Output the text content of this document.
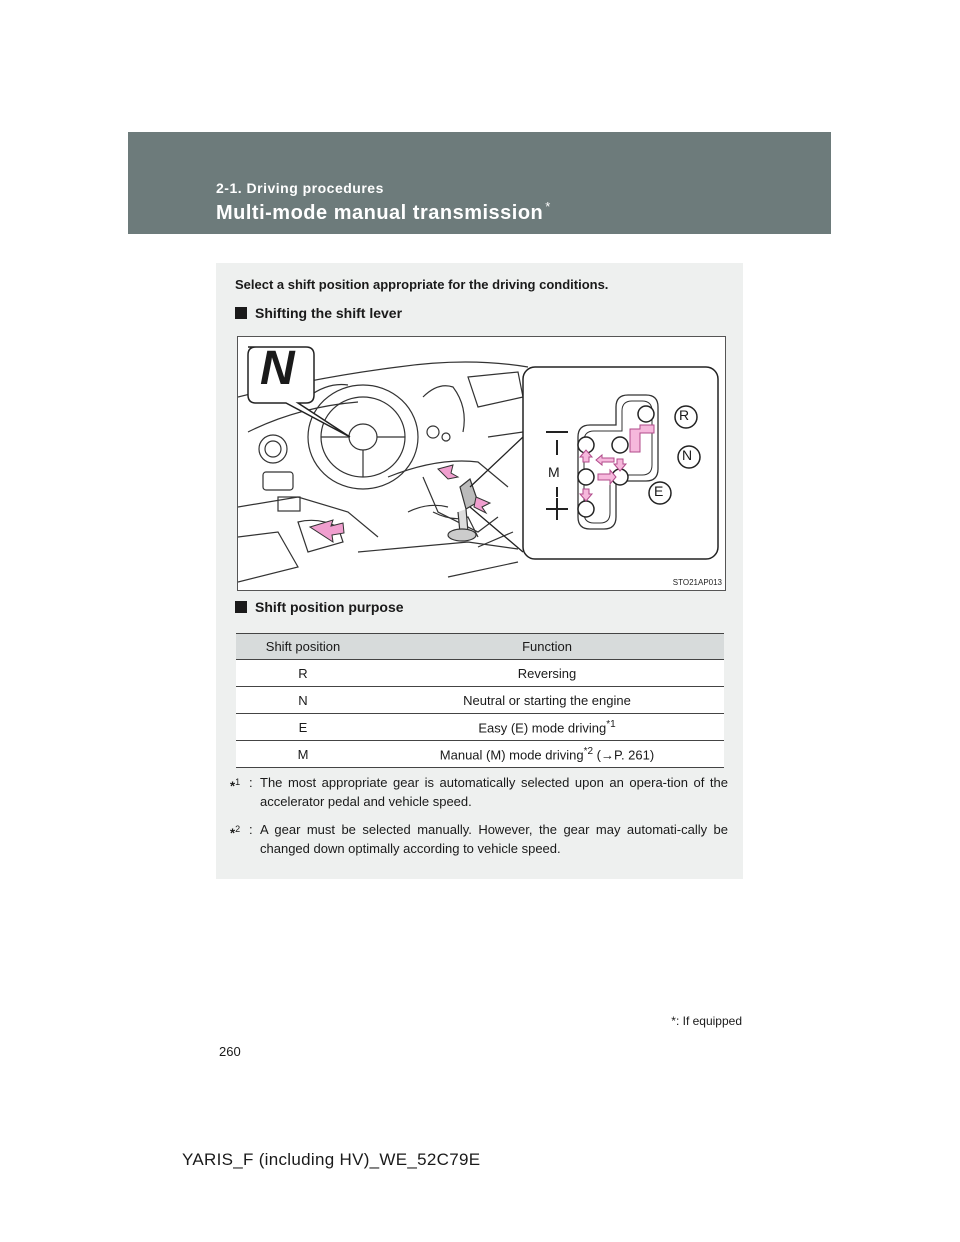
2-1. Driving procedures
Multi-mode manual transmission *
Select a shift position appropriate for the driving conditions.
Shifting the shift lever
N
R
N
E
M
STO21AP013
Shift position purpose
Shift position	Function
R	Reversing
N	Neutral or starting the engine
E	Easy (E) mode driving$^{*1}$
M	Manual (M) mode driving$^{*2}$ (→P. 261)
*$^1$ : The most appropriate gear is automatically selected upon an opera-tion of the accelerator pedal and vehicle speed.
*$^2$ : A gear must be selected manually. However, the gear may automati-cally be changed down optimally according to vehicle speed.
*: If equipped
260
YARIS_F (including HV)_WE_52C79E
